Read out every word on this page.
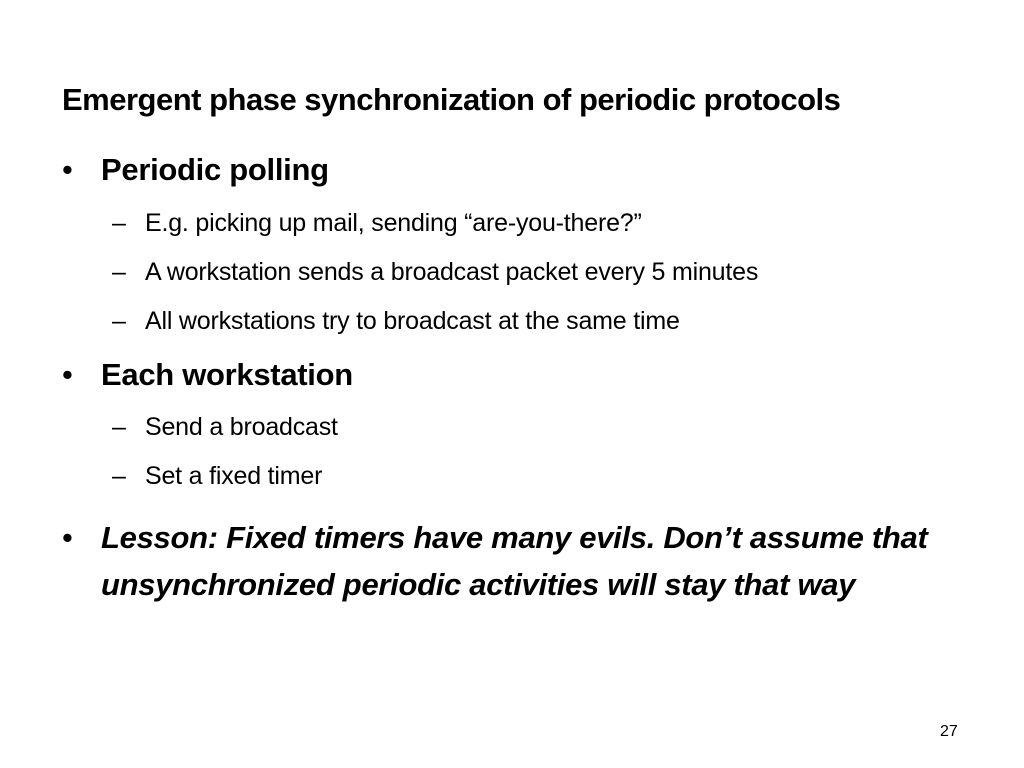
Emergent phase synchronization of periodic protocols
• Periodic polling
– E.g. picking up mail, sending “are-you-there?”
– A workstation sends a broadcast packet every 5 minutes
– All workstations try to broadcast at the same time
• Each workstation
– Send a broadcast
– Set a fixed timer
• Lesson: Fixed timers have many evils. Don’t assume that unsynchronized periodic activities will stay that way
27
